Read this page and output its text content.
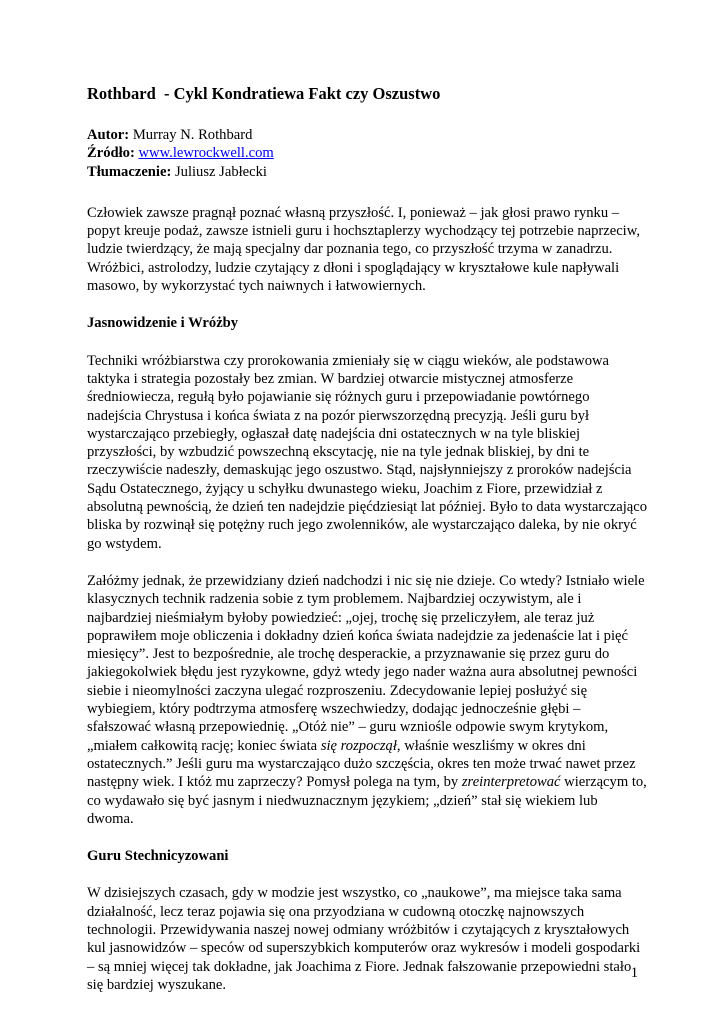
Rothbard  - Cykl Kondratiewa Fakt czy Oszustwo
Autor: Murray N. Rothbard
Źródło: www.lewrockwell.com
Tłumaczenie: Juliusz Jabłecki

Człowiek zawsze pragnął poznać własną przyszłość. I, ponieważ – jak głosi prawo rynku – popyt kreuje podaż, zawsze istnieli guru i hochsztaplerzy wychodzący tej potrzebie naprzeciw, ludzie twierdzący, że mają specjalny dar poznania tego, co przyszłość trzyma w zanadrzu. Wróżbici, astrolodzy, ludzie czytający z dłoni i spoglądający w kryształowe kule napływali masowo, by wykorzystać tych naiwnych i łatwowiernych.

Jasnowidzenie i Wróżby

Techniki wróżbiarstwa czy prorokowania zmieniały się w ciągu wieków, ale podstawowa taktyka i strategia pozostały bez zmian. W bardziej otwarcie mistycznej atmosferze średniowiecza, regułą było pojawianie się różnych guru i przepowiadanie powtórnego nadejścia Chrystusa i końca świata z na pozór pierwszorzędną precyzją. Jeśli guru był wystarczająco przebiegły, ogłaszał datę nadejścia dni ostatecznych w na tyle bliskiej przyszłości, by wzbudzić powszechną ekscytację, nie na tyle jednak bliskiej, by dni te rzeczywiście nadeszły, demaskując jego oszustwo. Stąd, najsłynniejszy z proroków nadejścia Sądu Ostatecznego, żyjący u schyłku dwunastego wieku, Joachim z Fiore, przewidział z absolutną pewnością, że dzień ten nadejdzie pięćdziesiąt lat później. Było to data wystarczająco bliska by rozwinął się potężny ruch jego zwolenników, ale wystarczająco daleka, by nie okryć go wstydem.

Załóżmy jednak, że przewidziany dzień nadchodzi i nic się nie dzieje. Co wtedy? Istniało wiele klasycznych technik radzenia sobie z tym problemem. Najbardziej oczywistym, ale i najbardziej nieśmiałym byłoby powiedzieć: „ojej, trochę się przeliczyłem, ale teraz już poprawiłem moje obliczenia i dokładny dzień końca świata nadejdzie za jedenaście lat i pięć miesięcy”. Jest to bezpośrednie, ale trochę desperackie, a przyznawanie się przez guru do jakiegokolwiek błędu jest ryzykowne, gdyż wtedy jego nader ważna aura absolutnej pewności siebie i nieomylności zaczyna ulegać rozproszeniu. Zdecydowanie lepiej posłużyć się wybiegiem, który podtrzyma atmosferę wszechwiedzy, dodając jednocześnie głębi – sfałszować własną przepowiednię. „Otóż nie” – guru wzniośle odpowie swym krytykom, „miałem całkowitą rację; koniec świata się rozpoczął, właśnie weszliśmy w okres dni ostatecznych.” Jeśli guru ma wystarczająco dużo szczęścia, okres ten może trwać nawet przez następny wiek. I któż mu zaprzeczy? Pomysł polega na tym, by zreinterpretować wierzącym to, co wydawało się być jasnym i niedwuznacznym językiem; „dzień” stał się wiekiem lub dwoma.

Guru Stechnicyzowani

W dzisiejszych czasach, gdy w modzie jest wszystko, co „naukowe”, ma miejsce taka sama działalność, lecz teraz pojawia się ona przyodziana w cudowną otoczkę najnowszych technologii. Przewidywania naszej nowej odmiany wróżbitów i czytających z kryształowych kul jasnowidzów – speców od superszybkich komputerów oraz wykresów i modeli gospodarki – są mniej więcej tak dokładne, jak Joachima z Fiore. Jednak fałszowanie przepowiedni stało się bardziej wyszukane.

1
